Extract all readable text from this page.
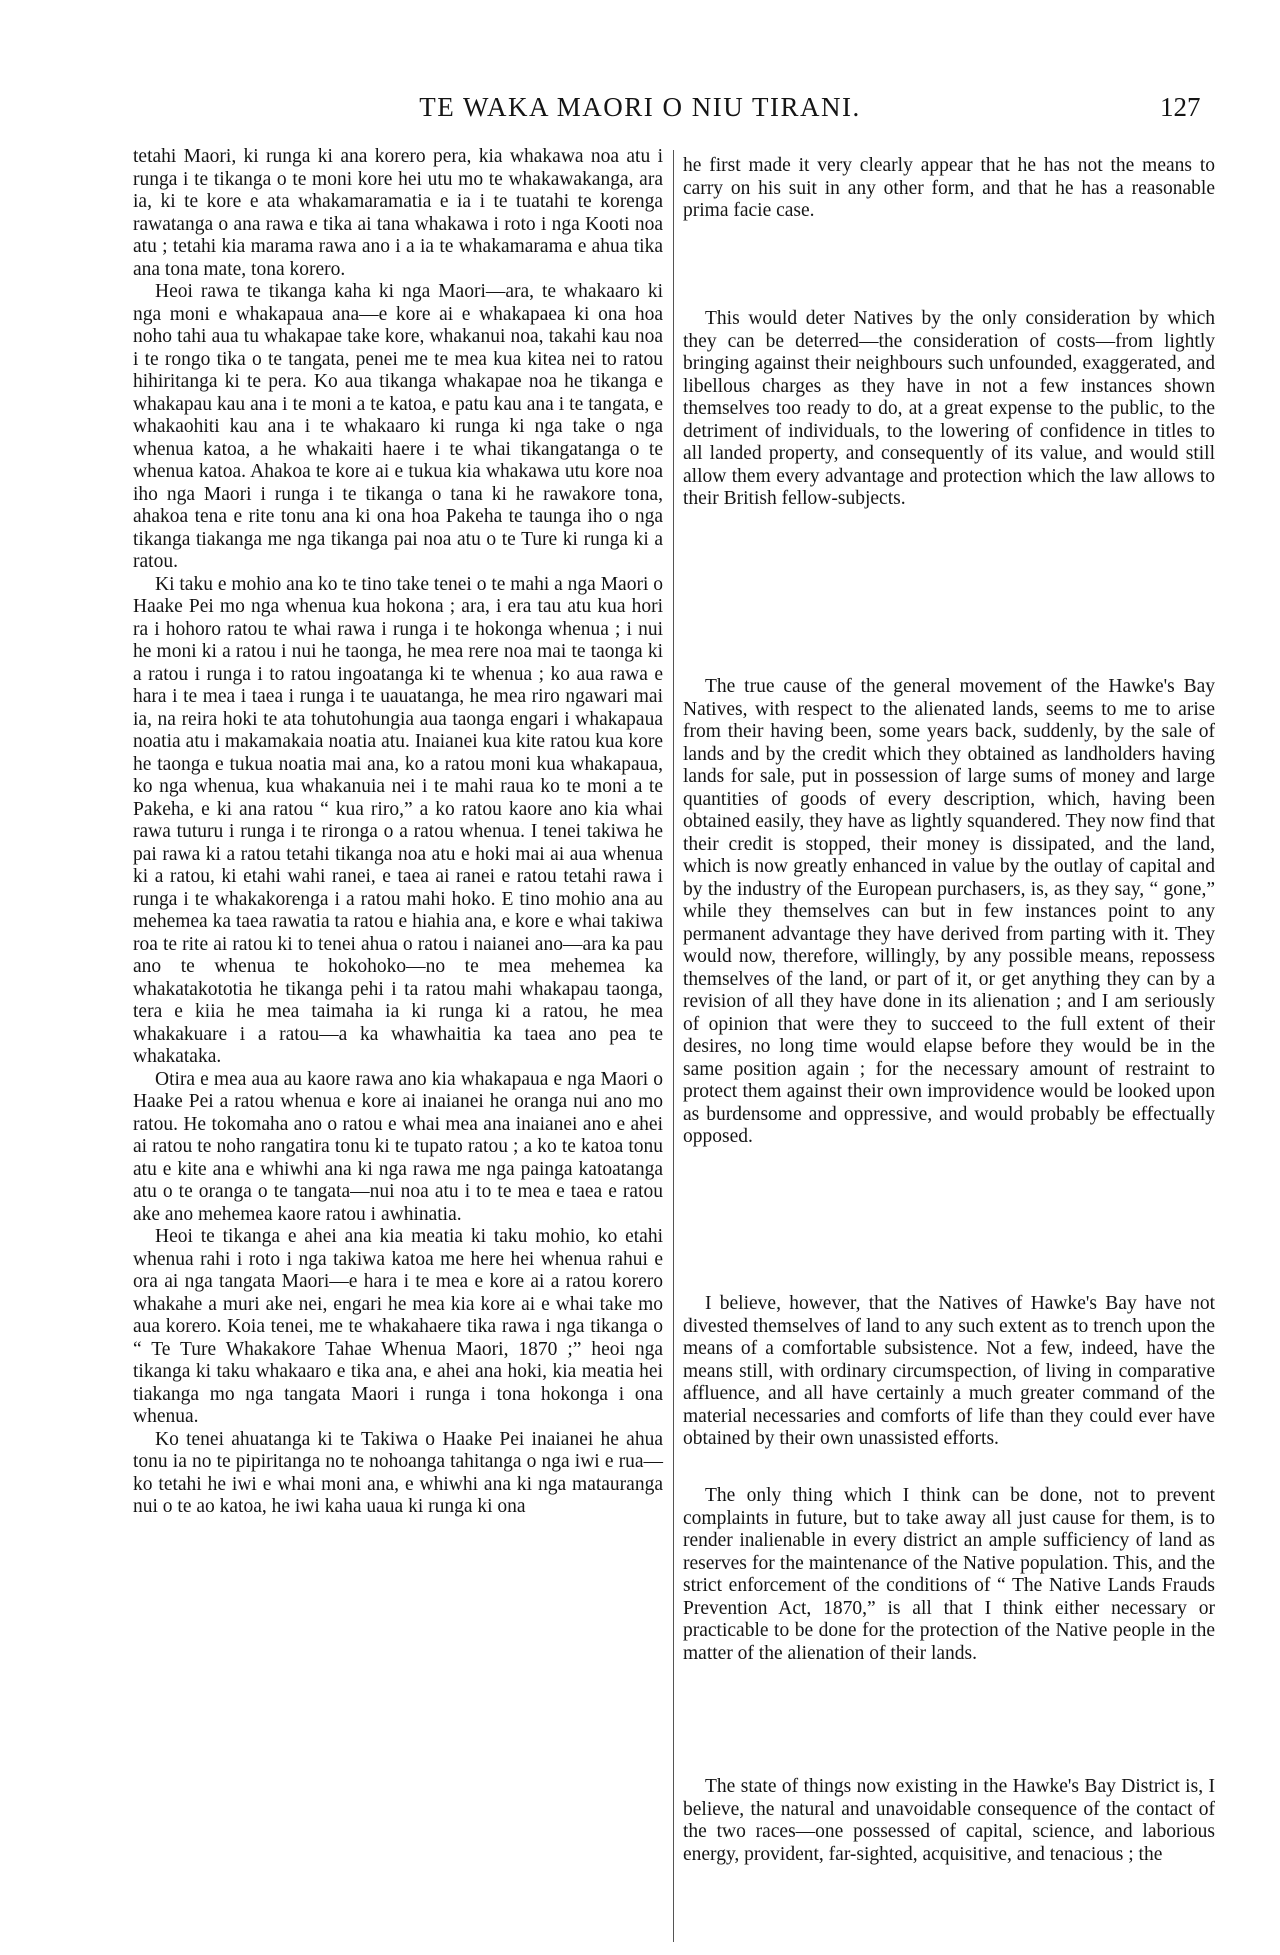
TE WAKA MAORI O NIU TIRANI.	127

tetahi Maori, ki runga ki ana korero pera, kia whakawa noa atu i runga i te tikanga o te moni kore hei utu mo te whakawakanga, ara ia, ki te kore e ata whakamaramatia e ia i te tuatahi te korenga rawatanga o ana rawa e tika ai tana whakawa i roto i nga Kooti noa atu ; tetahi kia marama rawa ano i a ia te whakamarama e ahua tika ana tona mate, tona korero.

Heoi rawa te tikanga kaha ki nga Maori—ara, te whakaaro ki nga moni e whakapaua ana—e kore ai e whakapaea ki ona hoa noho tahi aua tu whakapae take kore, whakanui noa, takahi kau noa i te rongo tika o te tangata, penei me te mea kua kitea nei to ratou hihiritanga ki te pera. Ko aua tikanga whakapae noa he tikanga e whakapau kau ana i te moni a te katoa, e patu kau ana i te tangata, e whakaohiti kau ana i te whakaaro ki runga ki nga take o nga whenua katoa, a he whakaiti haere i te whai tikangatanga o te whenua katoa. Ahakoa te kore ai e tukua kia whakawa utu kore noa iho nga Maori i runga i te tikanga o tana ki he rawakore tona, ahakoa tena e rite tonu ana ki ona hoa Pakeha te taunga iho o nga tikanga tiakanga me nga tikanga pai noa atu o te Ture ki runga ki a ratou.

Ki taku e mohio ana ko te tino take tenei o te mahi a nga Maori o Haake Pei mo nga whenua kua hokona ; ara, i era tau atu kua hori ra i hohoro ratou te whai rawa i runga i te hokonga whenua ; i nui he moni ki a ratou i nui he taonga, he mea rere noa mai te taonga ki a ratou i runga i to ratou ingoatanga ki te whenua ; ko aua rawa e hara i te mea i taea i runga i te uauatanga, he mea riro ngawari mai ia, na reira hoki te ata tohutohungia aua taonga engari i whakapaua noatia atu i makamakaia noatia atu. Inaianei kua kite ratou kua kore he taonga e tukua noatia mai ana, ko a ratou moni kua whakapaua, ko nga whenua, kua whakanuia nei i te mahi raua ko te moni a te Pakeha, e ki ana ratou “ kua riro,” a ko ratou kaore ano kia whai rawa tuturu i runga i te rironga o a ratou whenua. I tenei takiwa he pai rawa ki a ratou tetahi tikanga noa atu e hoki mai ai aua whenua ki a ratou, ki etahi wahi ranei, e taea ai ranei e ratou tetahi rawa i runga i te whakakorenga i a ratou mahi hoko. E tino mohio ana au mehemea ka taea rawatia ta ratou e hiahia ana, e kore e whai takiwa roa te rite ai ratou ki to tenei ahua o ratou i naianei ano—ara ka pau ano te whenua te hokohoko—no te mea mehemea ka whakatakototia he tikanga pehi i ta ratou mahi whakapau taonga, tera e kiia he mea taimaha ia ki runga ki a ratou, he mea whakakuare i a ratou—a ka whawhaitia ka taea ano pea te whakataka.

Otira e mea aua au kaore rawa ano kia whakapaua e nga Maori o Haake Pei a ratou whenua e kore ai inaianei he oranga nui ano mo ratou. He tokomaha ano o ratou e whai mea ana inaianei ano e ahei ai ratou te noho rangatira tonu ki te tupato ratou ; a ko te katoa tonu atu e kite ana e whiwhi ana ki nga rawa me nga painga katoatanga atu o te oranga o te tangata—nui noa atu i to te mea e taea e ratou ake ano mehemea kaore ratou i awhinatia.

Heoi te tikanga e ahei ana kia meatia ki taku mohio, ko etahi whenua rahi i roto i nga takiwa katoa me here hei whenua rahui e ora ai nga tangata Maori—e hara i te mea e kore ai a ratou korero whakahe a muri ake nei, engari he mea kia kore ai e whai take mo aua korero. Koia tenei, me te whakahaere tika rawa i nga tikanga o “ Te Ture Whakakore Tahae Whenua Maori, 1870 ;” heoi nga tikanga ki taku whakaaro e tika ana, e ahei ana hoki, kia meatia hei tiakanga mo nga tangata Maori i runga i tona hokonga i ona whenua.

Ko tenei ahuatanga ki te Takiwa o Haake Pei inaianei he ahua tonu ia no te pipiritanga no te nohoanga tahitanga o nga iwi e rua—ko tetahi he iwi e whai moni ana, e whiwhi ana ki nga matauranga nui o te ao katoa, he iwi kaha uaua ki runga ki ona

he first made it very clearly appear that he has not the means to carry on his suit in any other form, and that he has a reasonable prima facie case.

This would deter Natives by the only consideration by which they can be deterred—the consideration of costs—from lightly bringing against their neighbours such unfounded, exaggerated, and libellous charges as they have in not a few instances shown themselves too ready to do, at a great expense to the public, to the detriment of individuals, to the lowering of confidence in titles to all landed property, and consequently of its value, and would still allow them every advantage and protection which the law allows to their British fellow-subjects.

The true cause of the general movement of the Hawke's Bay Natives, with respect to the alienated lands, seems to me to arise from their having been, some years back, suddenly, by the sale of lands and by the credit which they obtained as landholders having lands for sale, put in possession of large sums of money and large quantities of goods of every description, which, having been obtained easily, they have as lightly squandered. They now find that their credit is stopped, their money is dissipated, and the land, which is now greatly enhanced in value by the outlay of capital and by the industry of the European purchasers, is, as they say, “ gone,” while they themselves can but in few instances point to any permanent advantage they have derived from parting with it. They would now, therefore, willingly, by any possible means, repossess themselves of the land, or part of it, or get anything they can by a revision of all they have done in its alienation ; and I am seriously of opinion that were they to succeed to the full extent of their desires, no long time would elapse before they would be in the same position again ; for the necessary amount of restraint to protect them against their own improvidence would be looked upon as burdensome and oppressive, and would probably be effectually opposed.

I believe, however, that the Natives of Hawke's Bay have not divested themselves of land to any such extent as to trench upon the means of a comfortable subsistence. Not a few, indeed, have the means still, with ordinary circumspection, of living in comparative affluence, and all have certainly a much greater command of the material necessaries and comforts of life than they could ever have obtained by their own unassisted efforts.

The only thing which I think can be done, not to prevent complaints in future, but to take away all just cause for them, is to render inalienable in every district an ample sufficiency of land as reserves for the maintenance of the Native population. This, and the strict enforcement of the conditions of “ The Native Lands Frauds Prevention Act, 1870,” is all that I think either necessary or practicable to be done for the protection of the Native people in the matter of the alienation of their lands.

The state of things now existing in the Hawke's Bay District is, I believe, the natural and unavoidable consequence of the contact of the two races—one possessed of capital, science, and laborious energy, provident, far-sighted, acquisitive, and tenacious ; the
